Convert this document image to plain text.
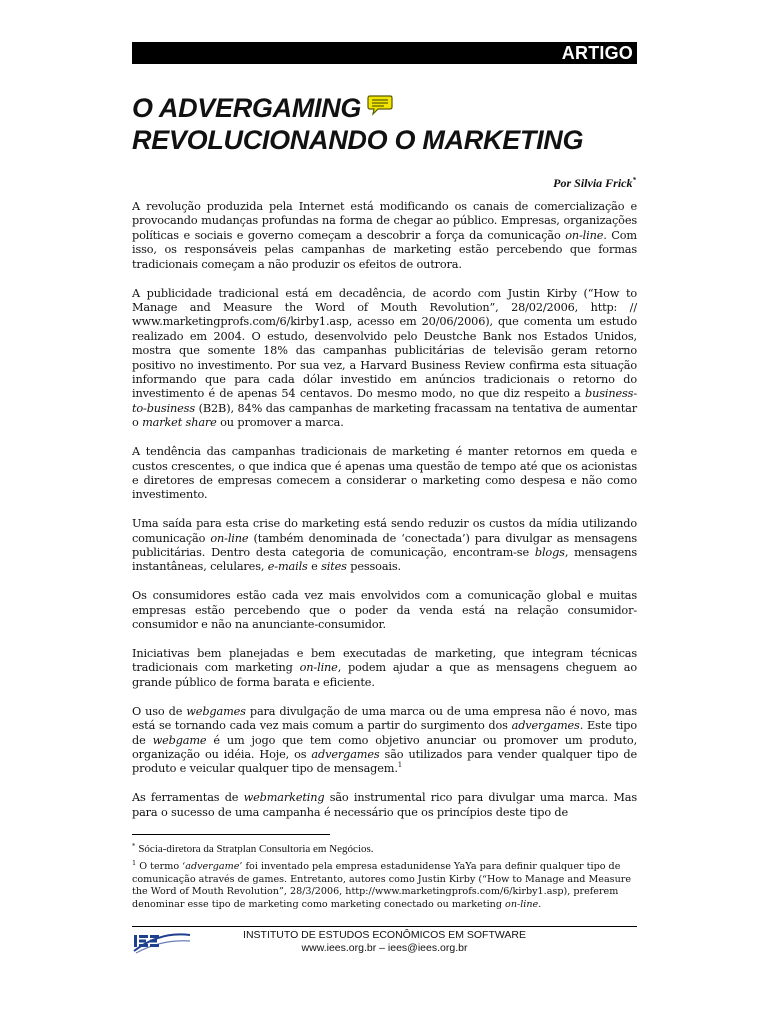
ARTIGO
O ADVERGAMING
REVOLUCIONANDO O MARKETING
Por Silvia Frick*

A revolução produzida pela Internet está modificando os canais de comercialização e provocando mudanças profundas na forma de chegar ao público. Empresas, organizações políticas e sociais e governo começam a descobrir a força da comunicação on-line. Com isso, os responsáveis pelas campanhas de marketing estão percebendo que formas tradicionais começam a não produzir os efeitos de outrora.

A publicidade tradicional está em decadência, de acordo com Justin Kirby (“How to Manage and Measure the Word of Mouth Revolution”, 28/02/2006, http: // www.marketingprofs.com/6/kirby1.asp, acesso em 20/06/2006), que comenta um estudo realizado em 2004. O estudo, desenvolvido pelo Deustche Bank nos Estados Unidos, mostra que somente 18% das campanhas publicitárias de televisão geram retorno positivo no investimento. Por sua vez, a Harvard Business Review confirma esta situação informando que para cada dólar investido em anúncios tradicionais o retorno do investimento é de apenas 54 centavos. Do mesmo modo, no que diz respeito a business-to-business (B2B), 84% das campanhas de marketing fracassam na tentativa de aumentar o market share ou promover a marca.

A tendência das campanhas tradicionais de marketing é manter retornos em queda e custos crescentes, o que indica que é apenas uma questão de tempo até que os acionistas e diretores de empresas comecem a considerar o marketing como despesa e não como investimento.

Uma saída para esta crise do marketing está sendo reduzir os custos da mídia utilizando comunicação on-line (também denominada de ‘conectada’) para divulgar as mensagens publicitárias. Dentro desta categoria de comunicação, encontram-se blogs, mensagens instantâneas, celulares, e-mails e sites pessoais.

Os consumidores estão cada vez mais envolvidos com a comunicação global e muitas empresas estão percebendo que o poder da venda está na relação consumidor-consumidor e não na anunciante-consumidor.

Iniciativas bem planejadas e bem executadas de marketing, que integram técnicas tradicionais com marketing on-line, podem ajudar a que as mensagens cheguem ao grande público de forma barata e eficiente.

O uso de webgames para divulgação de uma marca ou de uma empresa não é novo, mas está se tornando cada vez mais comum a partir do surgimento dos advergames. Este tipo de webgame é um jogo que tem como objetivo anunciar ou promover um produto, organização ou idéia. Hoje, os advergames são utilizados para vender qualquer tipo de produto e veicular qualquer tipo de mensagem.$^1$

As ferramentas de webmarketing são instrumental rico para divulgar uma marca. Mas para o sucesso de uma campanha é necessário que os princípios deste tipo de

* Sócia-diretora da Stratplan Consultoria em Negócios.

$^1$ O termo ‘advergame’ foi inventado pela empresa estadunidense YaYa para definir qualquer tipo de comunicação através de games. Entretanto, autores como Justin Kirby (“How to Manage and Measure the Word of Mouth Revolution”, 28/3/2006, http://www.marketingprofs.com/6/kirby1.asp), preferem denominar esse tipo de marketing como marketing conectado ou marketing on-line.

INSTITUTO DE ESTUDOS ECONÔMICOS EM SOFTWARE
www.iees.org.br – iees@iees.org.br
